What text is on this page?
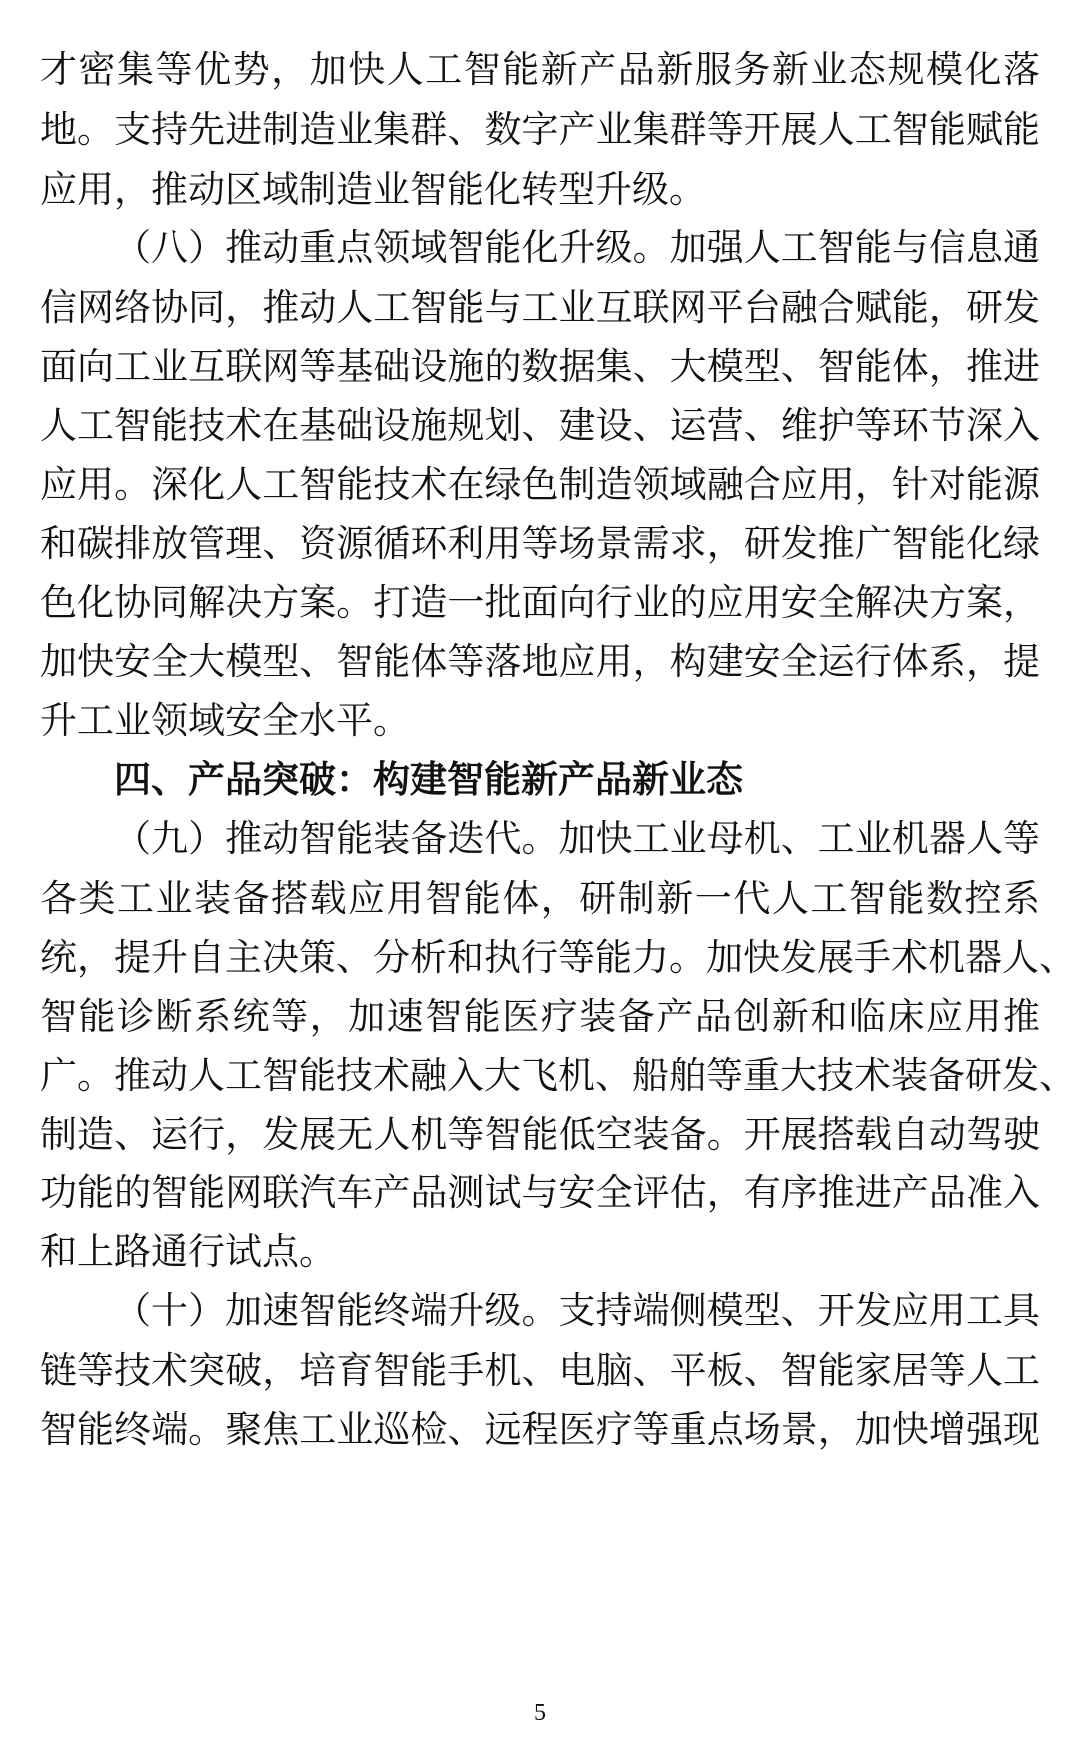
才密集等优势，加快人工智能新产品新服务新业态规模化落
地。支持先进制造业集群、数字产业集群等开展人工智能赋能
应用，推动区域制造业智能化转型升级。
（八）推动重点领域智能化升级。加强人工智能与信息通
信网络协同，推动人工智能与工业互联网平台融合赋能，研发
面向工业互联网等基础设施的数据集、大模型、智能体，推进
人工智能技术在基础设施规划、建设、运营、维护等环节深入
应用。深化人工智能技术在绿色制造领域融合应用，针对能源
和碳排放管理、资源循环利用等场景需求，研发推广智能化绿
色化协同解决方案。打造一批面向行业的应用安全解决方案，
加快安全大模型、智能体等落地应用，构建安全运行体系，提
升工业领域安全水平。
四、产品突破：构建智能新产品新业态
（九）推动智能装备迭代。加快工业母机、工业机器人等
各类工业装备搭载应用智能体，研制新一代人工智能数控系
统，提升自主决策、分析和执行等能力。加快发展手术机器人、
智能诊断系统等，加速智能医疗装备产品创新和临床应用推
广。推动人工智能技术融入大飞机、船舶等重大技术装备研发、
制造、运行，发展无人机等智能低空装备。开展搭载自动驾驶
功能的智能网联汽车产品测试与安全评估，有序推进产品准入
和上路通行试点。
（十）加速智能终端升级。支持端侧模型、开发应用工具
链等技术突破，培育智能手机、电脑、平板、智能家居等人工
智能终端。聚焦工业巡检、远程医疗等重点场景，加快增强现
5
